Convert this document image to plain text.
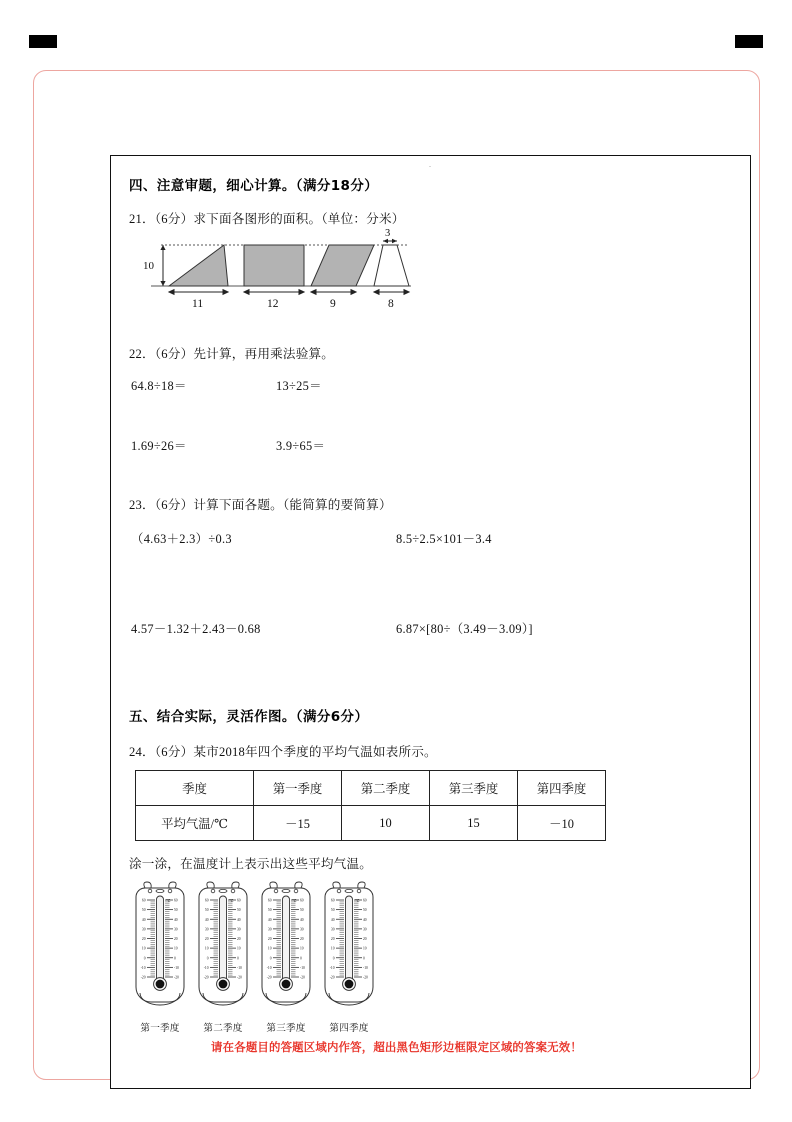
.
四、注意审题，细心计算。（满分18分）
21．（6分）求下面各图形的面积。（单位：分米）
10
3
11	12	9	8
22．（6分）先计算，再用乘法验算。
64.8÷18＝	13÷25＝
1.69÷26＝	3.9÷65＝
23．（6分）计算下面各题。（能简算的要简算）
（4.63＋2.3）÷0.3	8.5÷2.5×101－3.4
4.57－1.32＋2.43－0.68	6.87×[80÷（3.49－3.09）]
五、结合实际，灵活作图。（满分6分）
24．（6分）某市2018年四个季度的平均气温如表所示。
季度	第一季度	第二季度	第三季度	第四季度
平均气温/℃	－15	10	15	－10
涂一涂，在温度计上表示出这些平均气温。
℃
60	60
50	50
40	40
30	30
20	20
10	10
0	0
-10	-10
-20	-20
第一季度
℃
60	60
50	50
40	40
30	30
20	20
10	10
0	0
-10	-10
-20	-20
第二季度
℃
60	60
50	50
40	40
30	30
20	20
10	10
0	0
-10	-10
-20	-20
第三季度
℃
60	60
50	50
40	40
30	30
20	20
10	10
0	0
-10	-10
-20	-20
第四季度
请在各题目的答题区域内作答，超出黑色矩形边框限定区域的答案无效！
